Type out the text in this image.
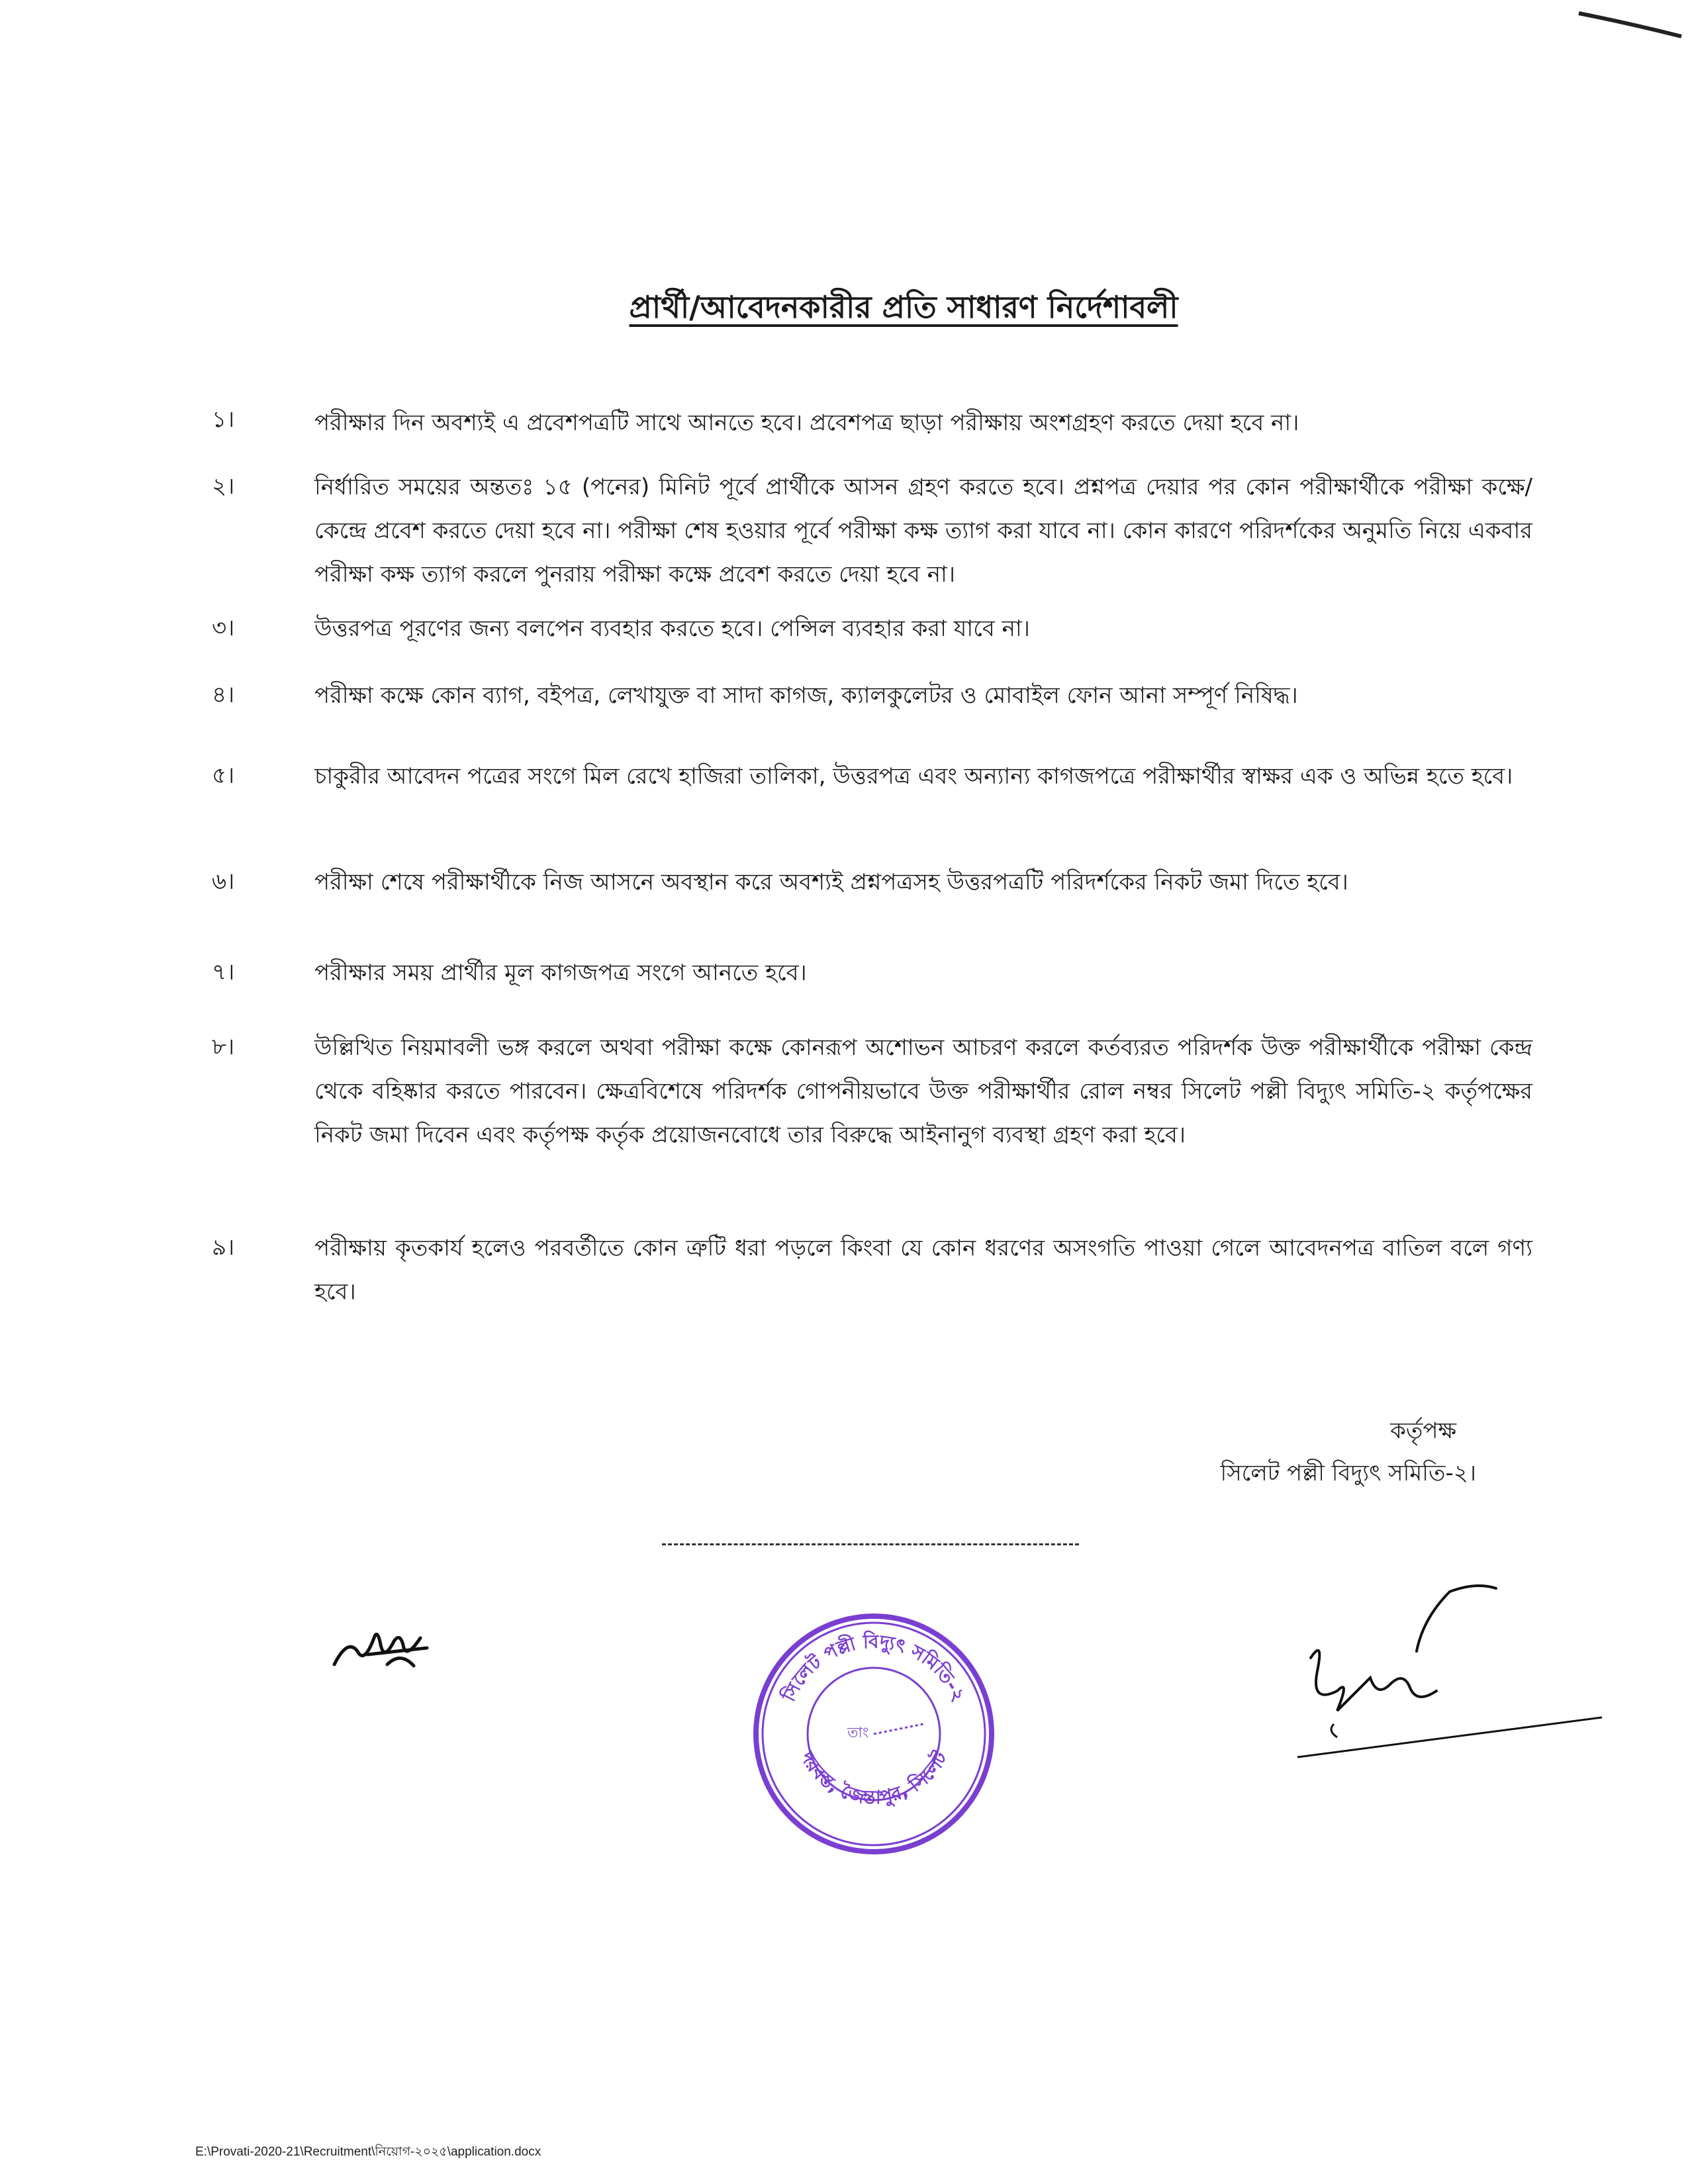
প্রার্থী/আবেদনকারীর প্রতি সাধারণ নির্দেশাবলী
১।	পরীক্ষার দিন অবশ্যই এ প্রবেশপত্রটি সাথে আনতে হবে। প্রবেশপত্র ছাড়া পরীক্ষায় অংশগ্রহণ করতে দেয়া হবে না।
২।	নির্ধারিত সময়ের অন্ততঃ ১৫ (পনের) মিনিট পূর্বে প্রার্থীকে আসন গ্রহণ করতে হবে। প্রশ্নপত্র দেয়ার পর কোন পরীক্ষার্থীকে পরীক্ষা কক্ষে/কেন্দ্রে প্রবেশ করতে দেয়া হবে না। পরীক্ষা শেষ হওয়ার পূর্বে পরীক্ষা কক্ষ ত্যাগ করা যাবে না। কোন কারণে পরিদর্শকের অনুমতি নিয়ে একবার পরীক্ষা কক্ষ ত্যাগ করলে পুনরায় পরীক্ষা কক্ষে প্রবেশ করতে দেয়া হবে না।
৩।	উত্তরপত্র পূরণের জন্য বলপেন ব্যবহার করতে হবে। পেন্সিল ব্যবহার করা যাবে না।
৪।	পরীক্ষা কক্ষে কোন ব্যাগ, বইপত্র, লেখাযুক্ত বা সাদা কাগজ, ক্যালকুলেটর ও মোবাইল ফোন আনা সম্পূর্ণ নিষিদ্ধ।
৫।	চাকুরীর আবেদন পত্রের সংগে মিল রেখে হাজিরা তালিকা, উত্তরপত্র এবং অন্যান্য কাগজপত্রে পরীক্ষার্থীর স্বাক্ষর এক ও অভিন্ন হতে হবে।
৬।	পরীক্ষা শেষে পরীক্ষার্থীকে নিজ আসনে অবস্থান করে অবশ্যই প্রশ্নপত্রসহ উত্তরপত্রটি পরিদর্শকের নিকট জমা দিতে হবে।
৭।	পরীক্ষার সময় প্রার্থীর মূল কাগজপত্র সংগে আনতে হবে।
৮।	উল্লিখিত নিয়মাবলী ভঙ্গ করলে অথবা পরীক্ষা কক্ষে কোনরূপ অশোভন আচরণ করলে কর্তব্যরত পরিদর্শক উক্ত পরীক্ষার্থীকে পরীক্ষা কেন্দ্র থেকে বহিষ্কার করতে পারবেন। ক্ষেত্রবিশেষে পরিদর্শক গোপনীয়ভাবে উক্ত পরীক্ষার্থীর রোল নম্বর সিলেট পল্লী বিদ্যুৎ সমিতি-২ কর্তৃপক্ষের নিকট জমা দিবেন এবং কর্তৃপক্ষ কর্তৃক প্রয়োজনবোধে তার বিরুদ্ধে আইনানুগ ব্যবস্থা গ্রহণ করা হবে।
৯।	পরীক্ষায় কৃতকার্য হলেও পরবর্তীতে কোন ত্রুটি ধরা পড়লে কিংবা যে কোন ধরণের অসংগতি পাওয়া গেলে আবেদনপত্র বাতিল বলে গণ্য হবে।
কর্তৃপক্ষ
সিলেট পল্লী বিদ্যুৎ সমিতি-২।
সিলেট পল্লী বিদ্যুৎ সমিতি-২
দরবস্ত, জৈন্তাপুর, সিলেট
তাং
E:\Provati-2020-21\Recruitment\নিয়োগ-২০২৫\application.docx
